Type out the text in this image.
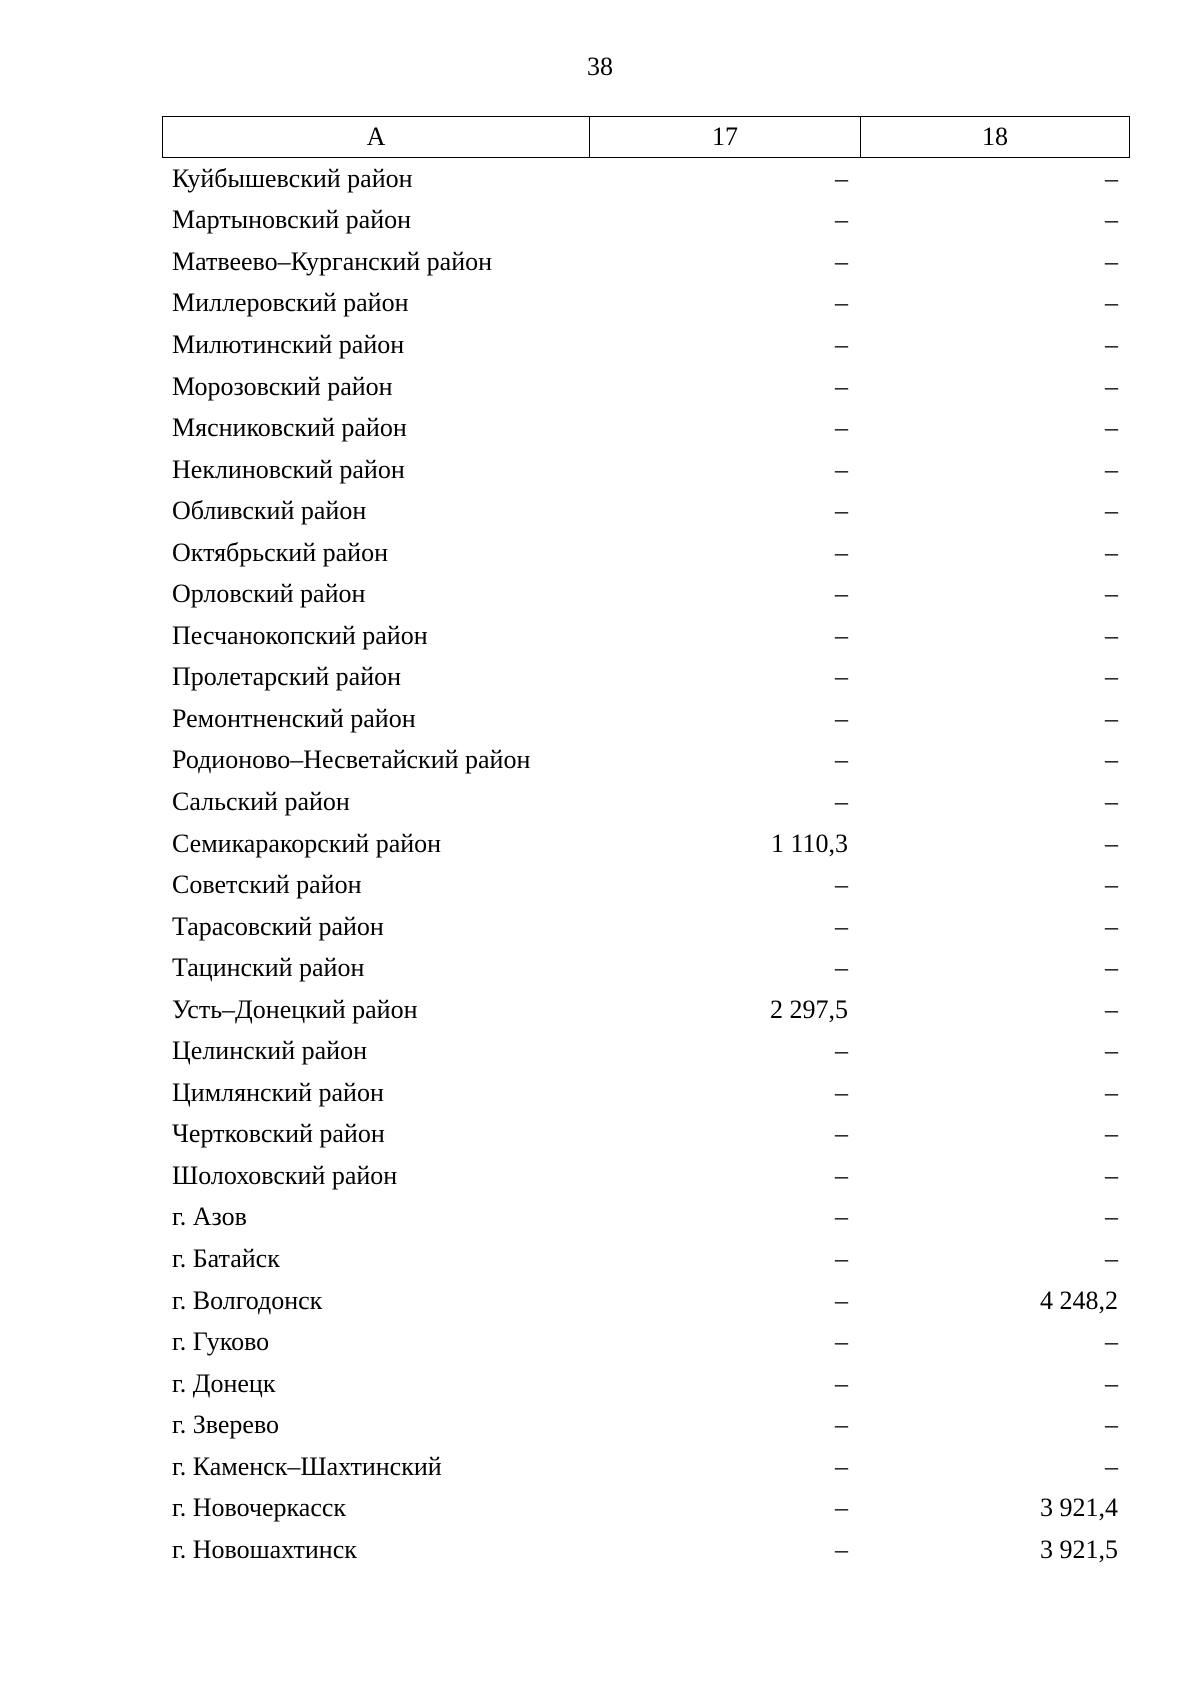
38
А	17	18
Куйбышевский район	–	–
Мартыновский район	–	–
Матвеево–Курганский район	–	–
Миллеровский район	–	–
Милютинский район	–	–
Морозовский район	–	–
Мясниковский район	–	–
Неклиновский район	–	–
Обливский район	–	–
Октябрьский район	–	–
Орловский район	–	–
Песчанокопский район	–	–
Пролетарский район	–	–
Ремонтненский район	–	–
Родионово–Несветайский район	–	–
Сальский район	–	–
Семикаракорский район	1 110,3	–
Советский район	–	–
Тарасовский район	–	–
Тацинский район	–	–
Усть–Донецкий район	2 297,5	–
Целинский район	–	–
Цимлянский район	–	–
Чертковский район	–	–
Шолоховский район	–	–
г. Азов	–	–
г. Батайск	–	–
г. Волгодонск	–	4 248,2
г. Гуково	–	–
г. Донецк	–	–
г. Зверево	–	–
г. Каменск–Шахтинский	–	–
г. Новочеркасск	–	3 921,4
г. Новошахтинск	–	3 921,5
